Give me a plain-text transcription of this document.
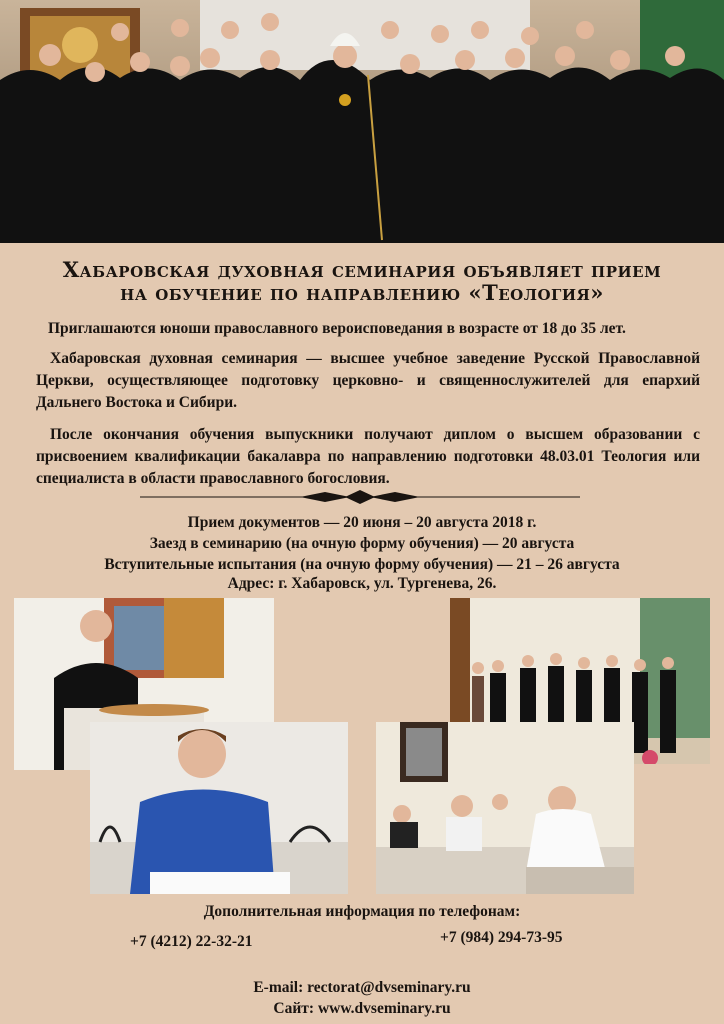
Хабаровская духовная семинария объявляет прием
на обучение по направлению «Теология»
Приглашаются юноши православного вероисповедания в возрасте от 18 до 35 лет.
Хабаровская духовная семинария — высшее учебное заведение Русской Православной Церкви, осуществляющее подготовку церковно- и священнослужителей для епархий Дальнего Востока и Сибири.
После окончания обучения выпускники получают диплом о высшем образовании с присвоением квалификации бакалавра по направлению подготовки 48.03.01 Теология или специалиста в области православного богословия.
Прием документов — 20 июня – 20 августа 2018 г.
Заезд в семинарию (на очную форму обучения) — 20 августа
Вступительные испытания (на очную форму обучения) — 21 – 26 августа
Адрес: г. Хабаровск, ул. Тургенева, 26.
Дополнительная информация по телефонам:
+7 (4212) 22-32-21	+7 (984) 294-73-95
E-mail: rectorat@dvseminary.ru
Сайт: www.dvseminary.ru
